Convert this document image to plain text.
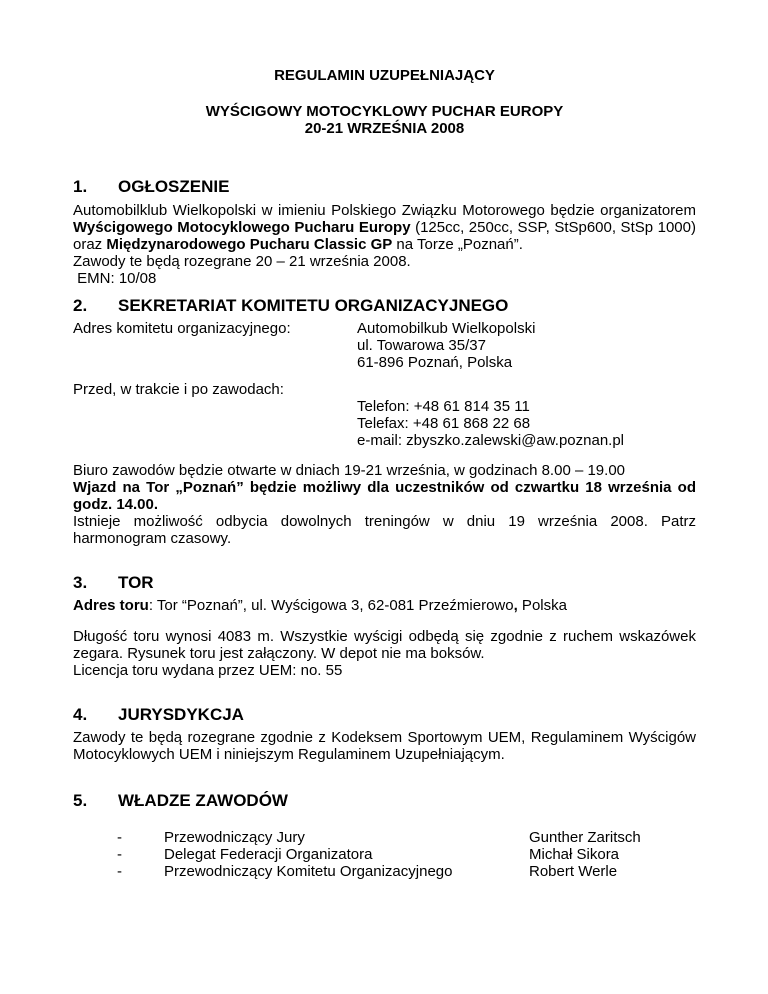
REGULAMIN UZUPEŁNIAJĄCY
WYŚCIGOWY MOTOCYKLOWY PUCHAR EUROPY
20-21 WRZEŚNIA 2008
1. OGŁOSZENIE
Automobilklub Wielkopolski w imieniu Polskiego Związku Motorowego będzie organizatorem Wyścigowego Motocyklowego Pucharu Europy (125cc, 250cc, SSP, StSp600, StSp 1000) oraz Międzynarodowego Pucharu Classic GP na Torze „Poznań”.
Zawody te będą rozegrane 20 – 21 września 2008.
EMN: 10/08
2. SEKRETARIAT KOMITETU ORGANIZACYJNEGO
Adres komitetu organizacyjnego:	Automobilkub Wielkopolski
ul. Towarowa 35/37
61-896 Poznań, Polska
Przed, w trakcie i po zawodach:
Telefon: +48 61 814 35 11
Telefax: +48 61 868 22 68
e-mail: zbyszko.zalewski@aw.poznan.pl
Biuro zawodów będzie otwarte w dniach 19-21 września, w godzinach 8.00 – 19.00
Wjazd na Tor „Poznań” będzie możliwy dla uczestników od czwartku 18 września od godz. 14.00.
Istnieje możliwość odbycia dowolnych treningów w dniu 19 września 2008. Patrz harmonogram czasowy.
3. TOR
Adres toru: Tor “Poznań”, ul. Wyścigowa 3, 62-081 Przeźmierowo, Polska
Długość toru wynosi 4083 m. Wszystkie wyścigi odbędą się zgodnie z ruchem wskazówek zegara. Rysunek toru jest załączony. W depot nie ma boksów.
Licencja toru wydana przez UEM: no. 55
4. JURYSDYKCJA
Zawody te będą rozegrane zgodnie z Kodeksem Sportowym UEM, Regulaminem Wyścigów Motocyklowych UEM i niniejszym Regulaminem Uzupełniającym.
5. WŁADZE ZAWODÓW
-	Przewodniczący Jury	Gunther Zaritsch
-	Delegat Federacji Organizatora	Michał Sikora
-	Przewodniczący Komitetu Organizacyjnego	Robert Werle
